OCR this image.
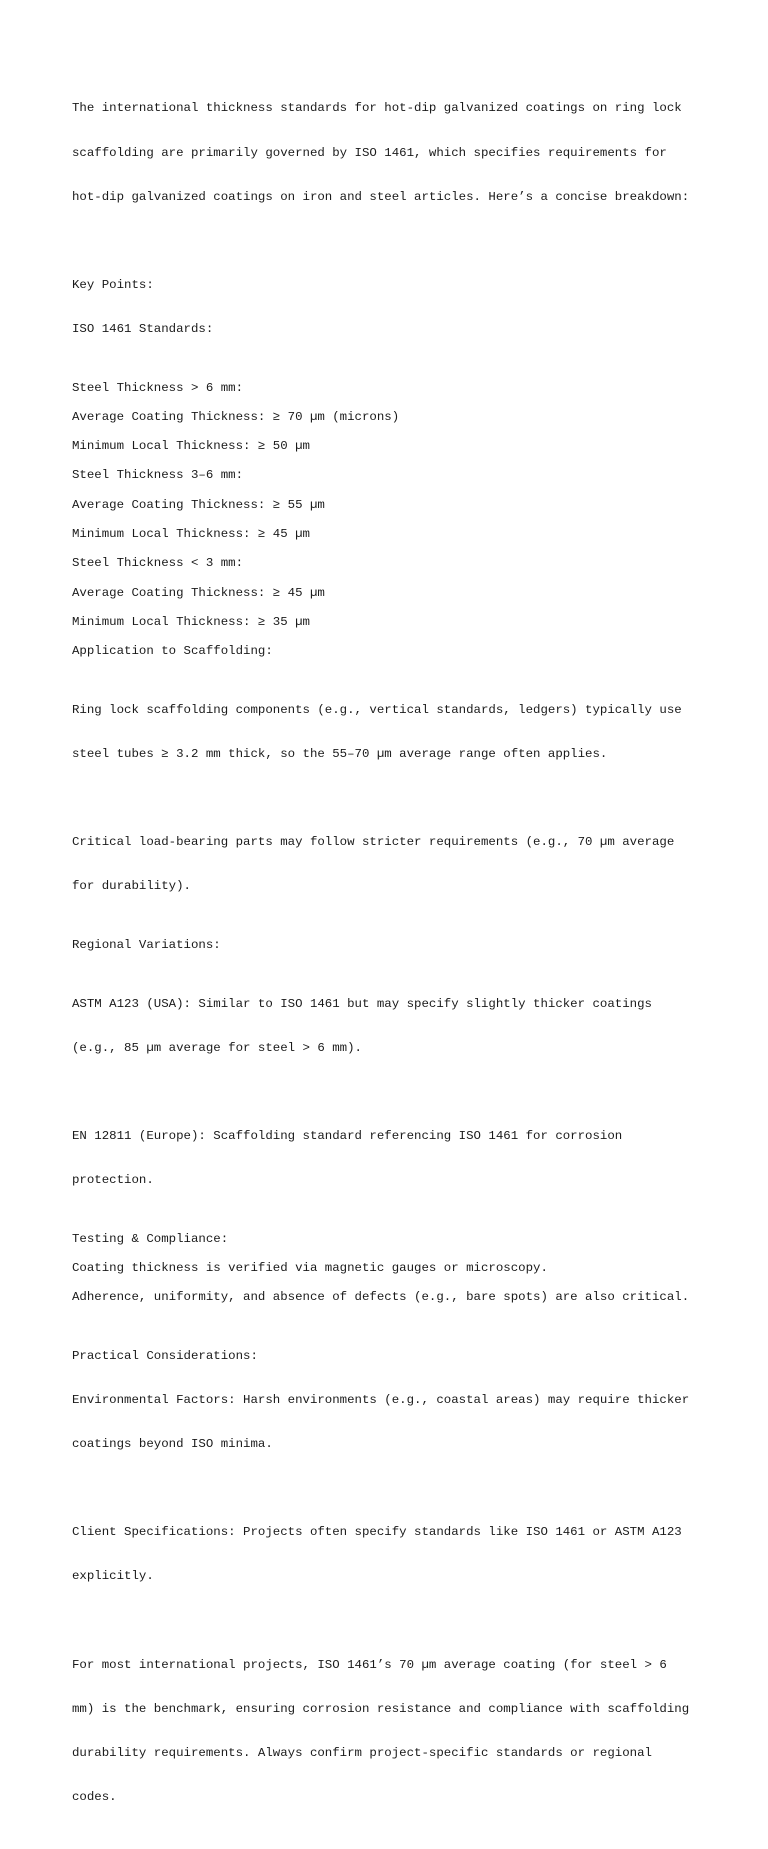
The international thickness standards for hot-dip galvanized coatings on ring lock

scaffolding are primarily governed by ISO 1461, which specifies requirements for

hot-dip galvanized coatings on iron and steel articles. Here’s a concise breakdown:

Key Points:

ISO 1461 Standards:

Steel Thickness > 6 mm:
Average Coating Thickness: ≥ 70 µm (microns)
Minimum Local Thickness: ≥ 50 µm
Steel Thickness 3–6 mm:
Average Coating Thickness: ≥ 55 µm
Minimum Local Thickness: ≥ 45 µm
Steel Thickness < 3 mm:
Average Coating Thickness: ≥ 45 µm
Minimum Local Thickness: ≥ 35 µm
Application to Scaffolding:

Ring lock scaffolding components (e.g., vertical standards, ledgers) typically use

steel tubes ≥ 3.2 mm thick, so the 55–70 µm average range often applies.

Critical load-bearing parts may follow stricter requirements (e.g., 70 µm average

for durability).

Regional Variations:

ASTM A123 (USA): Similar to ISO 1461 but may specify slightly thicker coatings

(e.g., 85 µm average for steel > 6 mm).

EN 12811 (Europe): Scaffolding standard referencing ISO 1461 for corrosion

protection.

Testing & Compliance:
Coating thickness is verified via magnetic gauges or microscopy.
Adherence, uniformity, and absence of defects (e.g., bare spots) are also critical.

Practical Considerations:

Environmental Factors: Harsh environments (e.g., coastal areas) may require thicker

coatings beyond ISO minima.

Client Specifications: Projects often specify standards like ISO 1461 or ASTM A123

explicitly.

For most international projects, ISO 1461’s 70 µm average coating (for steel > 6

mm) is the benchmark, ensuring corrosion resistance and compliance with scaffolding

durability requirements. Always confirm project-specific standards or regional

codes.
